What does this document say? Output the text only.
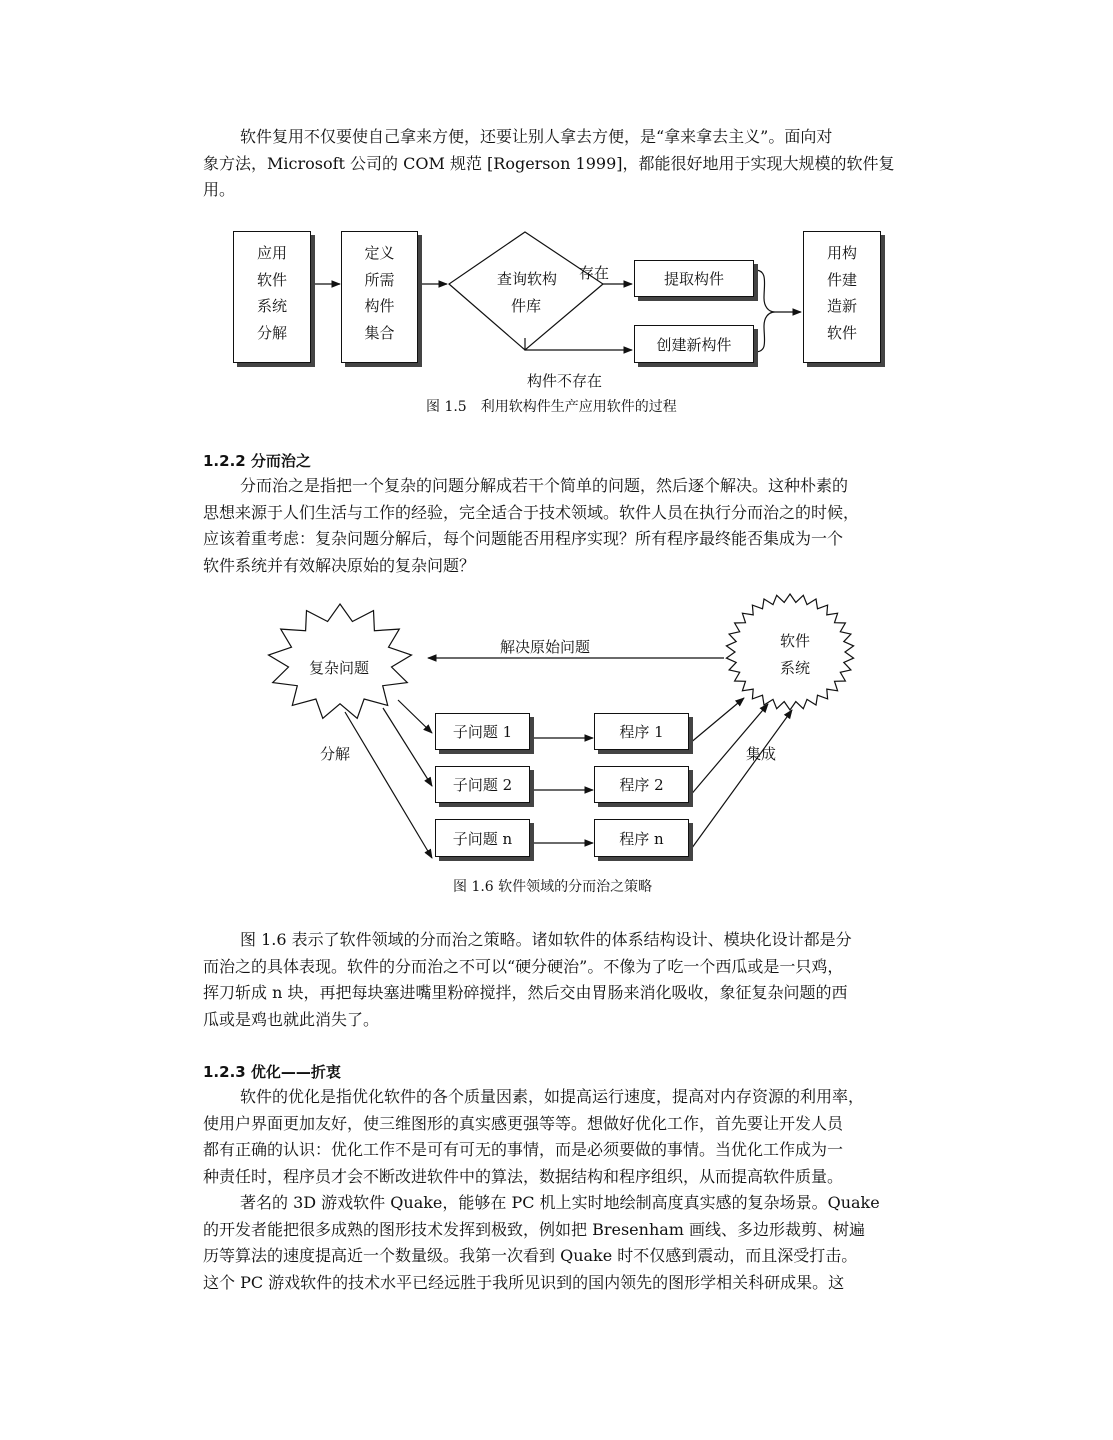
软件复用不仅要使自己拿来方便，还要让别人拿去方便，是“拿来拿去主义”。面向对
象方法，Microsoft 公司的 COM 规范 [Rogerson 1999]，都能很好地用于实现大规模的软件复
用。
应用
软件
系统
分解
定义
所需
构件
集合
查询软构
件库
存在	提取构件
创建新构件
用构
件建
造新
软件
构件不存在
图 1.5　利用软构件生产应用软件的过程
1.2.2 分而治之
分而治之是指把一个复杂的问题分解成若干个简单的问题，然后逐个解决。这种朴素的
思想来源于人们生活与工作的经验，完全适合于技术领域。软件人员在执行分而治之的时候，
应该着重考虑：复杂问题分解后，每个问题能否用程序实现？所有程序最终能否集成为一个
软件系统并有效解决原始的复杂问题？
复杂问题
软件
系统
解决原始问题
分解	集成
子问题 1
子问题 2
子问题 n
程序 1
程序 2
程序 n
图 1.6 软件领域的分而治之策略
图 1.6 表示了软件领域的分而治之策略。诸如软件的体系结构设计、模块化设计都是分
而治之的具体表现。软件的分而治之不可以“硬分硬治”。不像为了吃一个西瓜或是一只鸡，
挥刀斩成 n 块，再把每块塞进嘴里粉碎搅拌，然后交由胃肠来消化吸收，象征复杂问题的西
瓜或是鸡也就此消失了。
1.2.3 优化——折衷
软件的优化是指优化软件的各个质量因素，如提高运行速度，提高对内存资源的利用率，
使用户界面更加友好，使三维图形的真实感更强等等。想做好优化工作，首先要让开发人员
都有正确的认识：优化工作不是可有可无的事情，而是必须要做的事情。当优化工作成为一
种责任时，程序员才会不断改进软件中的算法，数据结构和程序组织，从而提高软件质量。
著名的 3D 游戏软件 Quake，能够在 PC 机上实时地绘制高度真实感的复杂场景。Quake
的开发者能把很多成熟的图形技术发挥到极致，例如把 Bresenham 画线、多边形裁剪、树遍
历等算法的速度提高近一个数量级。我第一次看到 Quake 时不仅感到震动，而且深受打击。
这个 PC 游戏软件的技术水平已经远胜于我所见识到的国内领先的图形学相关科研成果。这
